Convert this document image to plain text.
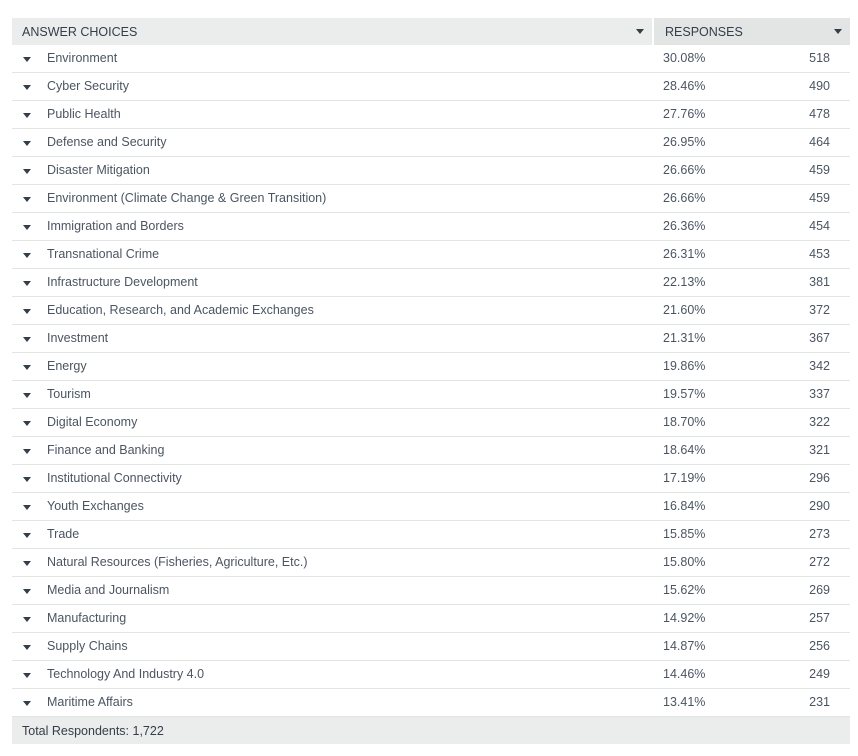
ANSWER CHOICES	RESPONSES
Environment	30.08%	518
Cyber Security	28.46%	490
Public Health	27.76%	478
Defense and Security	26.95%	464
Disaster Mitigation	26.66%	459
Environment (Climate Change & Green Transition)	26.66%	459
Immigration and Borders	26.36%	454
Transnational Crime	26.31%	453
Infrastructure Development	22.13%	381
Education, Research, and Academic Exchanges	21.60%	372
Investment	21.31%	367
Energy	19.86%	342
Tourism	19.57%	337
Digital Economy	18.70%	322
Finance and Banking	18.64%	321
Institutional Connectivity	17.19%	296
Youth Exchanges	16.84%	290
Trade	15.85%	273
Natural Resources (Fisheries, Agriculture, Etc.)	15.80%	272
Media and Journalism	15.62%	269
Manufacturing	14.92%	257
Supply Chains	14.87%	256
Technology And Industry 4.0	14.46%	249
Maritime Affairs	13.41%	231
Total Respondents: 1,722
